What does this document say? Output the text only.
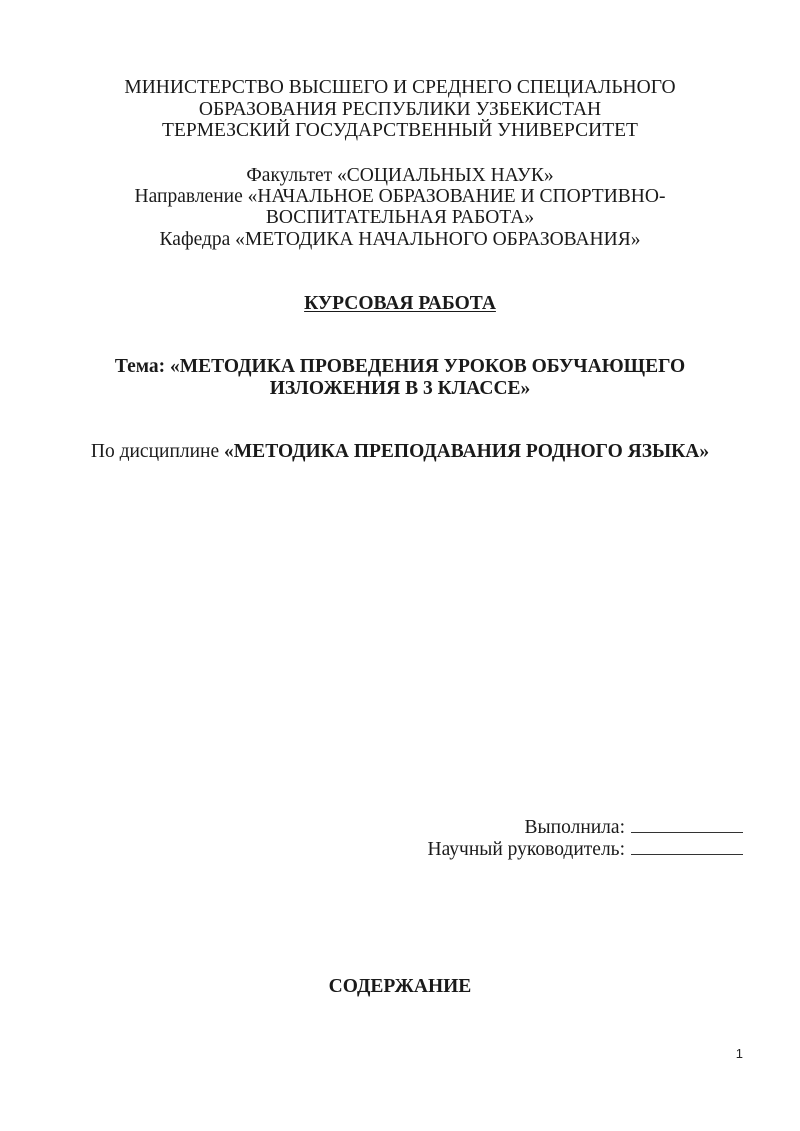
МИНИСТЕРСТВО ВЫСШЕГО И СРЕДНЕГО СПЕЦИАЛЬНОГО
ОБРАЗОВАНИЯ РЕСПУБЛИКИ УЗБЕКИСТАН
ТЕРМЕЗСКИЙ ГОСУДАРСТВЕННЫЙ УНИВЕРСИТЕТ
Факультет «СОЦИАЛЬНЫХ НАУК»
Направление «НАЧАЛЬНОЕ ОБРАЗОВАНИЕ И СПОРТИВНО-
ВОСПИТАТЕЛЬНАЯ РАБОТА»
Кафедра «МЕТОДИКА НАЧАЛЬНОГО ОБРАЗОВАНИЯ»
КУРСОВАЯ РАБОТА
Тема: «МЕТОДИКА ПРОВЕДЕНИЯ УРОКОВ ОБУЧАЮЩЕГО
ИЗЛОЖЕНИЯ В 3 КЛАССЕ»
По дисциплине «МЕТОДИКА ПРЕПОДАВАНИЯ РОДНОГО ЯЗЫКА»
Выполнила:
Научный руководитель:
СОДЕРЖАНИЕ
1
